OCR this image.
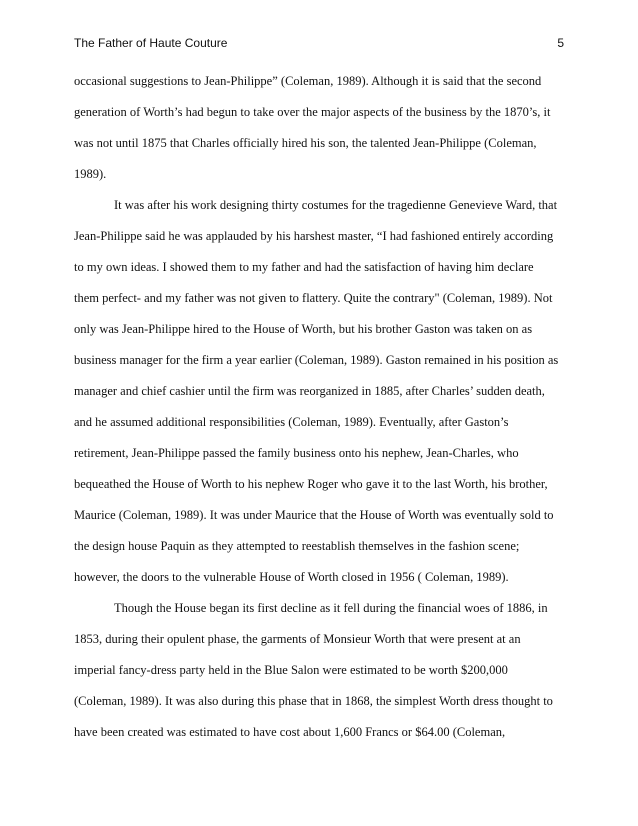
The Father of Haute Couture	5

occasional suggestions to Jean-Philippe” (Coleman, 1989). Although it is said that the second
generation of Worth’s had begun to take over the major aspects of the business by the 1870’s, it
was not until 1875 that Charles officially hired his son, the talented Jean-Philippe (Coleman,
1989).

It was after his work designing thirty costumes for the tragedienne Genevieve Ward, that
Jean-Philippe said he was applauded by his harshest master, “I had fashioned entirely according
to my own ideas. I showed them to my father and had the satisfaction of having him declare
them perfect- and my father was not given to flattery. Quite the contrary" (Coleman, 1989). Not
only was Jean-Philippe hired to the House of Worth, but his brother Gaston was taken on as
business manager for the firm a year earlier (Coleman, 1989). Gaston remained in his position as
manager and chief cashier until the firm was reorganized in 1885, after Charles’ sudden death,
and he assumed additional responsibilities (Coleman, 1989). Eventually, after Gaston’s
retirement, Jean-Philippe passed the family business onto his nephew, Jean-Charles, who
bequeathed the House of Worth to his nephew Roger who gave it to the last Worth, his brother,
Maurice (Coleman, 1989). It was under Maurice that the House of Worth was eventually sold to
the design house Paquin as they attempted to reestablish themselves in the fashion scene;
however, the doors to the vulnerable House of Worth closed in 1956 ( Coleman, 1989).

Though the House began its first decline as it fell during the financial woes of 1886, in
1853, during their opulent phase, the garments of Monsieur Worth that were present at an
imperial fancy-dress party held in the Blue Salon were estimated to be worth $200,000
(Coleman, 1989). It was also during this phase that in 1868, the simplest Worth dress thought to
have been created was estimated to have cost about 1,600 Francs or $64.00 (Coleman,
